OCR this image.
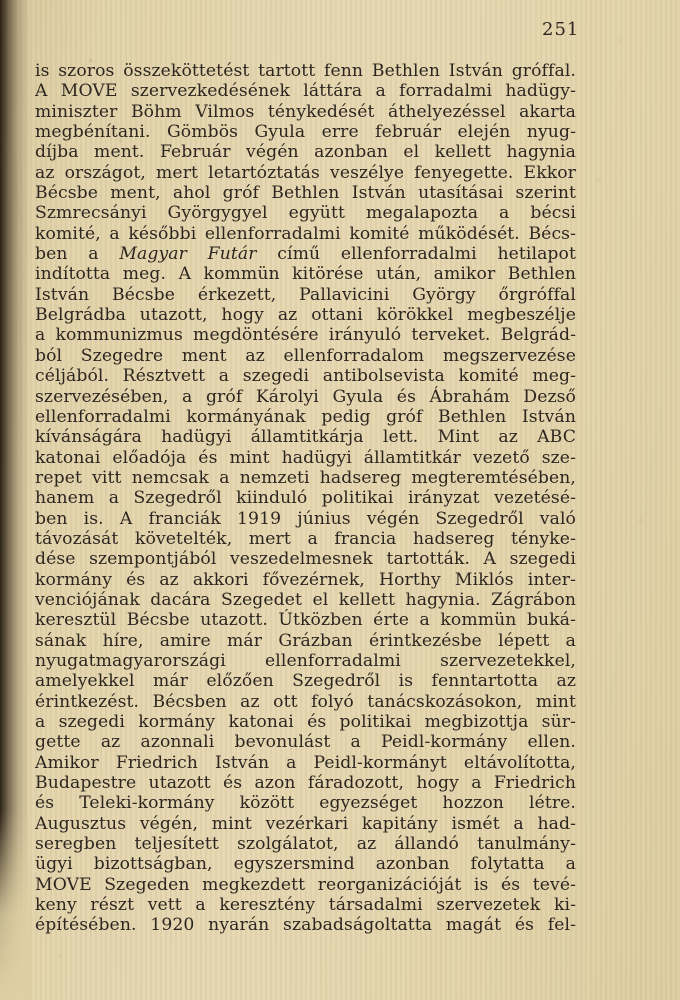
251
is szoros összeköttetést tartott fenn Bethlen István gróffal.
A MOVE szervezkedésének láttára a forradalmi hadügy-
miniszter Böhm Vilmos ténykedését áthelyezéssel akarta
megbénítani. Gömbös Gyula erre február elején nyug-
díjba ment. Február végén azonban el kellett hagynia
az országot, mert letartóztatás veszélye fenyegette. Ekkor
Bécsbe ment, ahol gróf Bethlen István utasításai szerint
Szmrecsányi Györgygyel együtt megalapozta a bécsi
komité, a későbbi ellenforradalmi komité működését. Bécs-
ben a Magyar Futár című ellenforradalmi hetilapot
indította meg. A kommün kitörése után, amikor Bethlen
István Bécsbe érkezett, Pallavicini György őrgróffal
Belgrádba utazott, hogy az ottani körökkel megbeszélje
a kommunizmus megdöntésére irányuló terveket. Belgrád-
ból Szegedre ment az ellenforradalom megszervezése
céljából. Résztvett a szegedi antibolsevista komité meg-
szervezésében, a gróf Károlyi Gyula és Ábrahám Dezső
ellenforradalmi kormányának pedig gróf Bethlen István
kívánságára hadügyi államtitkárja lett. Mint az ABC
katonai előadója és mint hadügyi államtitkár vezető sze-
repet vitt nemcsak a nemzeti hadsereg megteremtésében,
hanem a Szegedről kiinduló politikai irányzat vezetésé-
ben is. A franciák 1919 június végén Szegedről való
távozását követelték, mert a francia hadsereg tényke-
dése szempontjából veszedelmesnek tartották. A szegedi
kormány és az akkori fővezérnek, Horthy Miklós inter-
venciójának dacára Szegedet el kellett hagynia. Zágrábon
keresztül Bécsbe utazott. Útközben érte a kommün buká-
sának híre, amire már Grázban érintkezésbe lépett a
nyugatmagyarországi ellenforradalmi szervezetekkel,
amelyekkel már előzően Szegedről is fenntartotta az
érintkezést. Bécsben az ott folyó tanácskozásokon, mint
a szegedi kormány katonai és politikai megbizottja sür-
gette az azonnali bevonulást a Peidl-kormány ellen.
Amikor Friedrich István a Peidl-kormányt eltávolította,
Budapestre utazott és azon fáradozott, hogy a Friedrich
és Teleki-kormány között egyezséget hozzon létre.
Augusztus végén, mint vezérkari kapitány ismét a had-
seregben teljesített szolgálatot, az állandó tanulmány-
ügyi bizottságban, egyszersmind azonban folytatta a
MOVE Szegeden megkezdett reorganizációját is és tevé-
keny részt vett a keresztény társadalmi szervezetek ki-
építésében. 1920 nyarán szabadságoltatta magát és fel-
